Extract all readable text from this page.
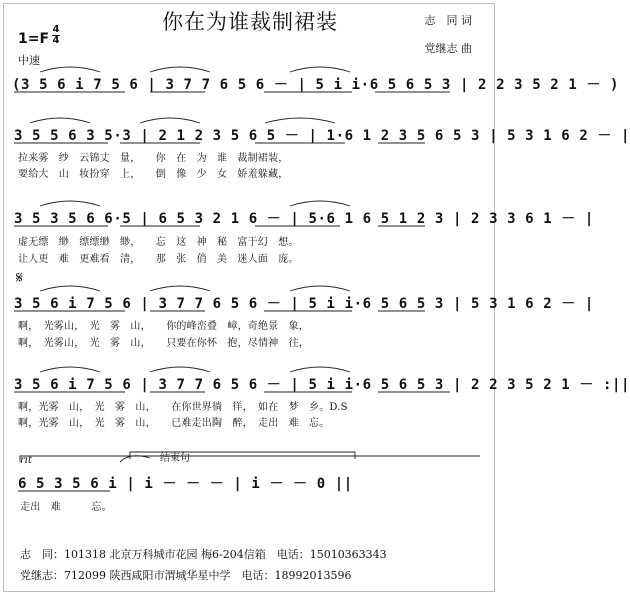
你在为谁裁制裙装	志　同 词
党继志 曲
1=F
4
4
中速
(3 5 6 i 7 5 6 | 3 7 7 6 5 6 － | 5 i i·6 5 6 5 3 | 2 2 3 5 2 1 － )
3 5 5 6 3 5·3 | 2 1 2 3 5 6 5 － | 1·6 1 2 3 5 6 5 3 | 5 3 1 6 2 － |
拉来雾　纱　云锦丈　量，　　你　在　为　谁　裁制裙装，
要给大　山　妆扮穿　上，　　倒　像　少　女　娇羞躲藏，
3 5 3 5 6 6·5 | 6 5 3 2 1 6 － | 5·6 1 6 5 1 2 3 | 2 3 3 6 1 － |
虚无缥　缈　缥缥缈　缈，　　忘　这　神　秘　富于幻　想。
让人更　难　更难看　清，　　那　张　俏　美　迷人面　庞。
𝄋
3 5 6 i 7 5 6 | 3 7 7 6 5 6 － | 5 i i·6 5 6 5 3 | 5 3 1 6 2 － |
啊，　光雾山，　光　雾　山，　　你的峰峦叠　嶂，奇绝景　象，
啊，　光雾山，　光　雾　山，　　只要在你怀　抱，尽情神　往，
3 5 6 i 7 5 6 | 3 7 7 6 5 6 － | 5 i i·6 5 6 5 3 | 2 2 3 5 2 1 － :||
啊，光雾　山，　光　雾　山，　　在你世界徜　徉，　如在　梦　乡。D.S
啊，光雾　山，　光　雾　山，　　已难走出陶　醉，　走出　难　忘。
rit	结束句
6 5 3 5 6 i | i － － － | i － － 0 ||
走出　难　　　忘。
志　同：101318 北京万科城市花园 梅6-204信箱　电话：15010363343
党继志：712099 陕西咸阳市渭城华星中学　电话：18992013596
